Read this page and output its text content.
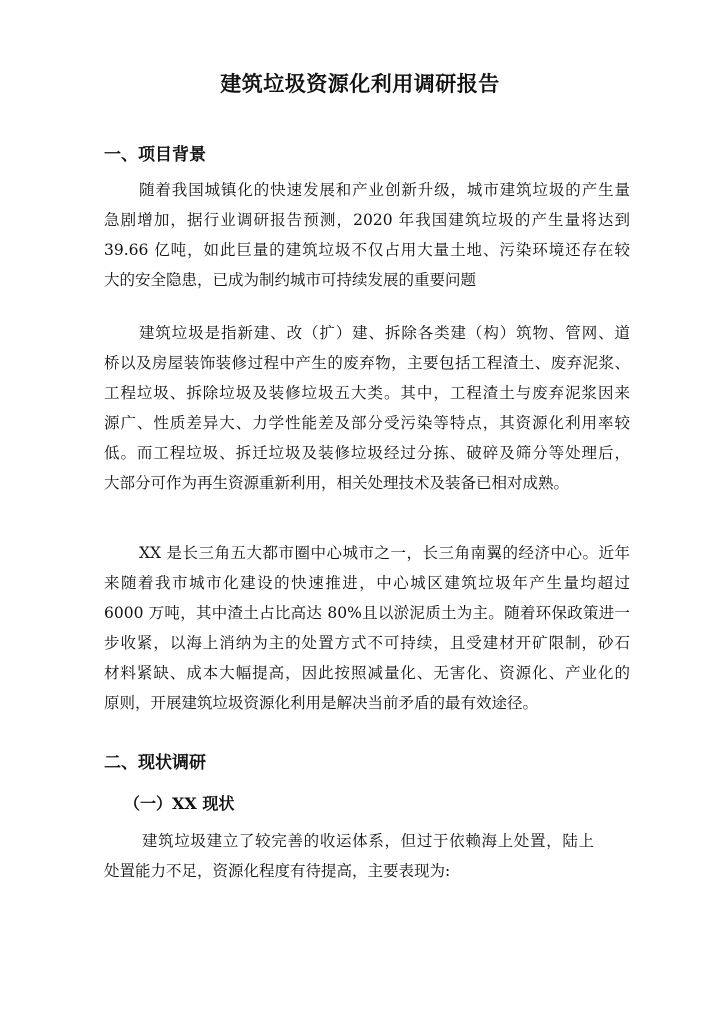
建筑垃圾资源化利用调研报告
一、项目背景
随着我国城镇化的快速发展和产业创新升级，城市建筑垃圾的产生量
急剧增加，据行业调研报告预测，2020 年我国建筑垃圾的产生量将达到
39.66 亿吨，如此巨量的建筑垃圾不仅占用大量土地、污染环境还存在较
大的安全隐患，已成为制约城市可持续发展的重要问题
建筑垃圾是指新建、改（扩）建、拆除各类建（构）筑物、管网、道
桥以及房屋装饰装修过程中产生的废弃物，主要包括工程渣土、废弃泥浆、
工程垃圾、拆除垃圾及装修垃圾五大类。其中，工程渣土与废弃泥浆因来
源广、性质差异大、力学性能差及部分受污染等特点，其资源化利用率较
低。而工程垃圾、拆迁垃圾及装修垃圾经过分拣、破碎及筛分等处理后，
大部分可作为再生资源重新利用，相关处理技术及装备已相对成熟。
XX 是长三角五大都市圈中心城市之一，长三角南翼的经济中心。近年
来随着我市城市化建设的快速推进，中心城区建筑垃圾年产生量均超过
6000 万吨，其中渣土占比高达 80%且以淤泥质土为主。随着环保政策进一
步收紧，以海上消纳为主的处置方式不可持续，且受建材开矿限制，砂石
材料紧缺、成本大幅提高，因此按照减量化、无害化、资源化、产业化的
原则，开展建筑垃圾资源化利用是解决当前矛盾的最有效途径。
二、现状调研
（一）XX 现状
建筑垃圾建立了较完善的收运体系，但过于依赖海上处置，陆上
处置能力不足，资源化程度有待提高，主要表现为:
